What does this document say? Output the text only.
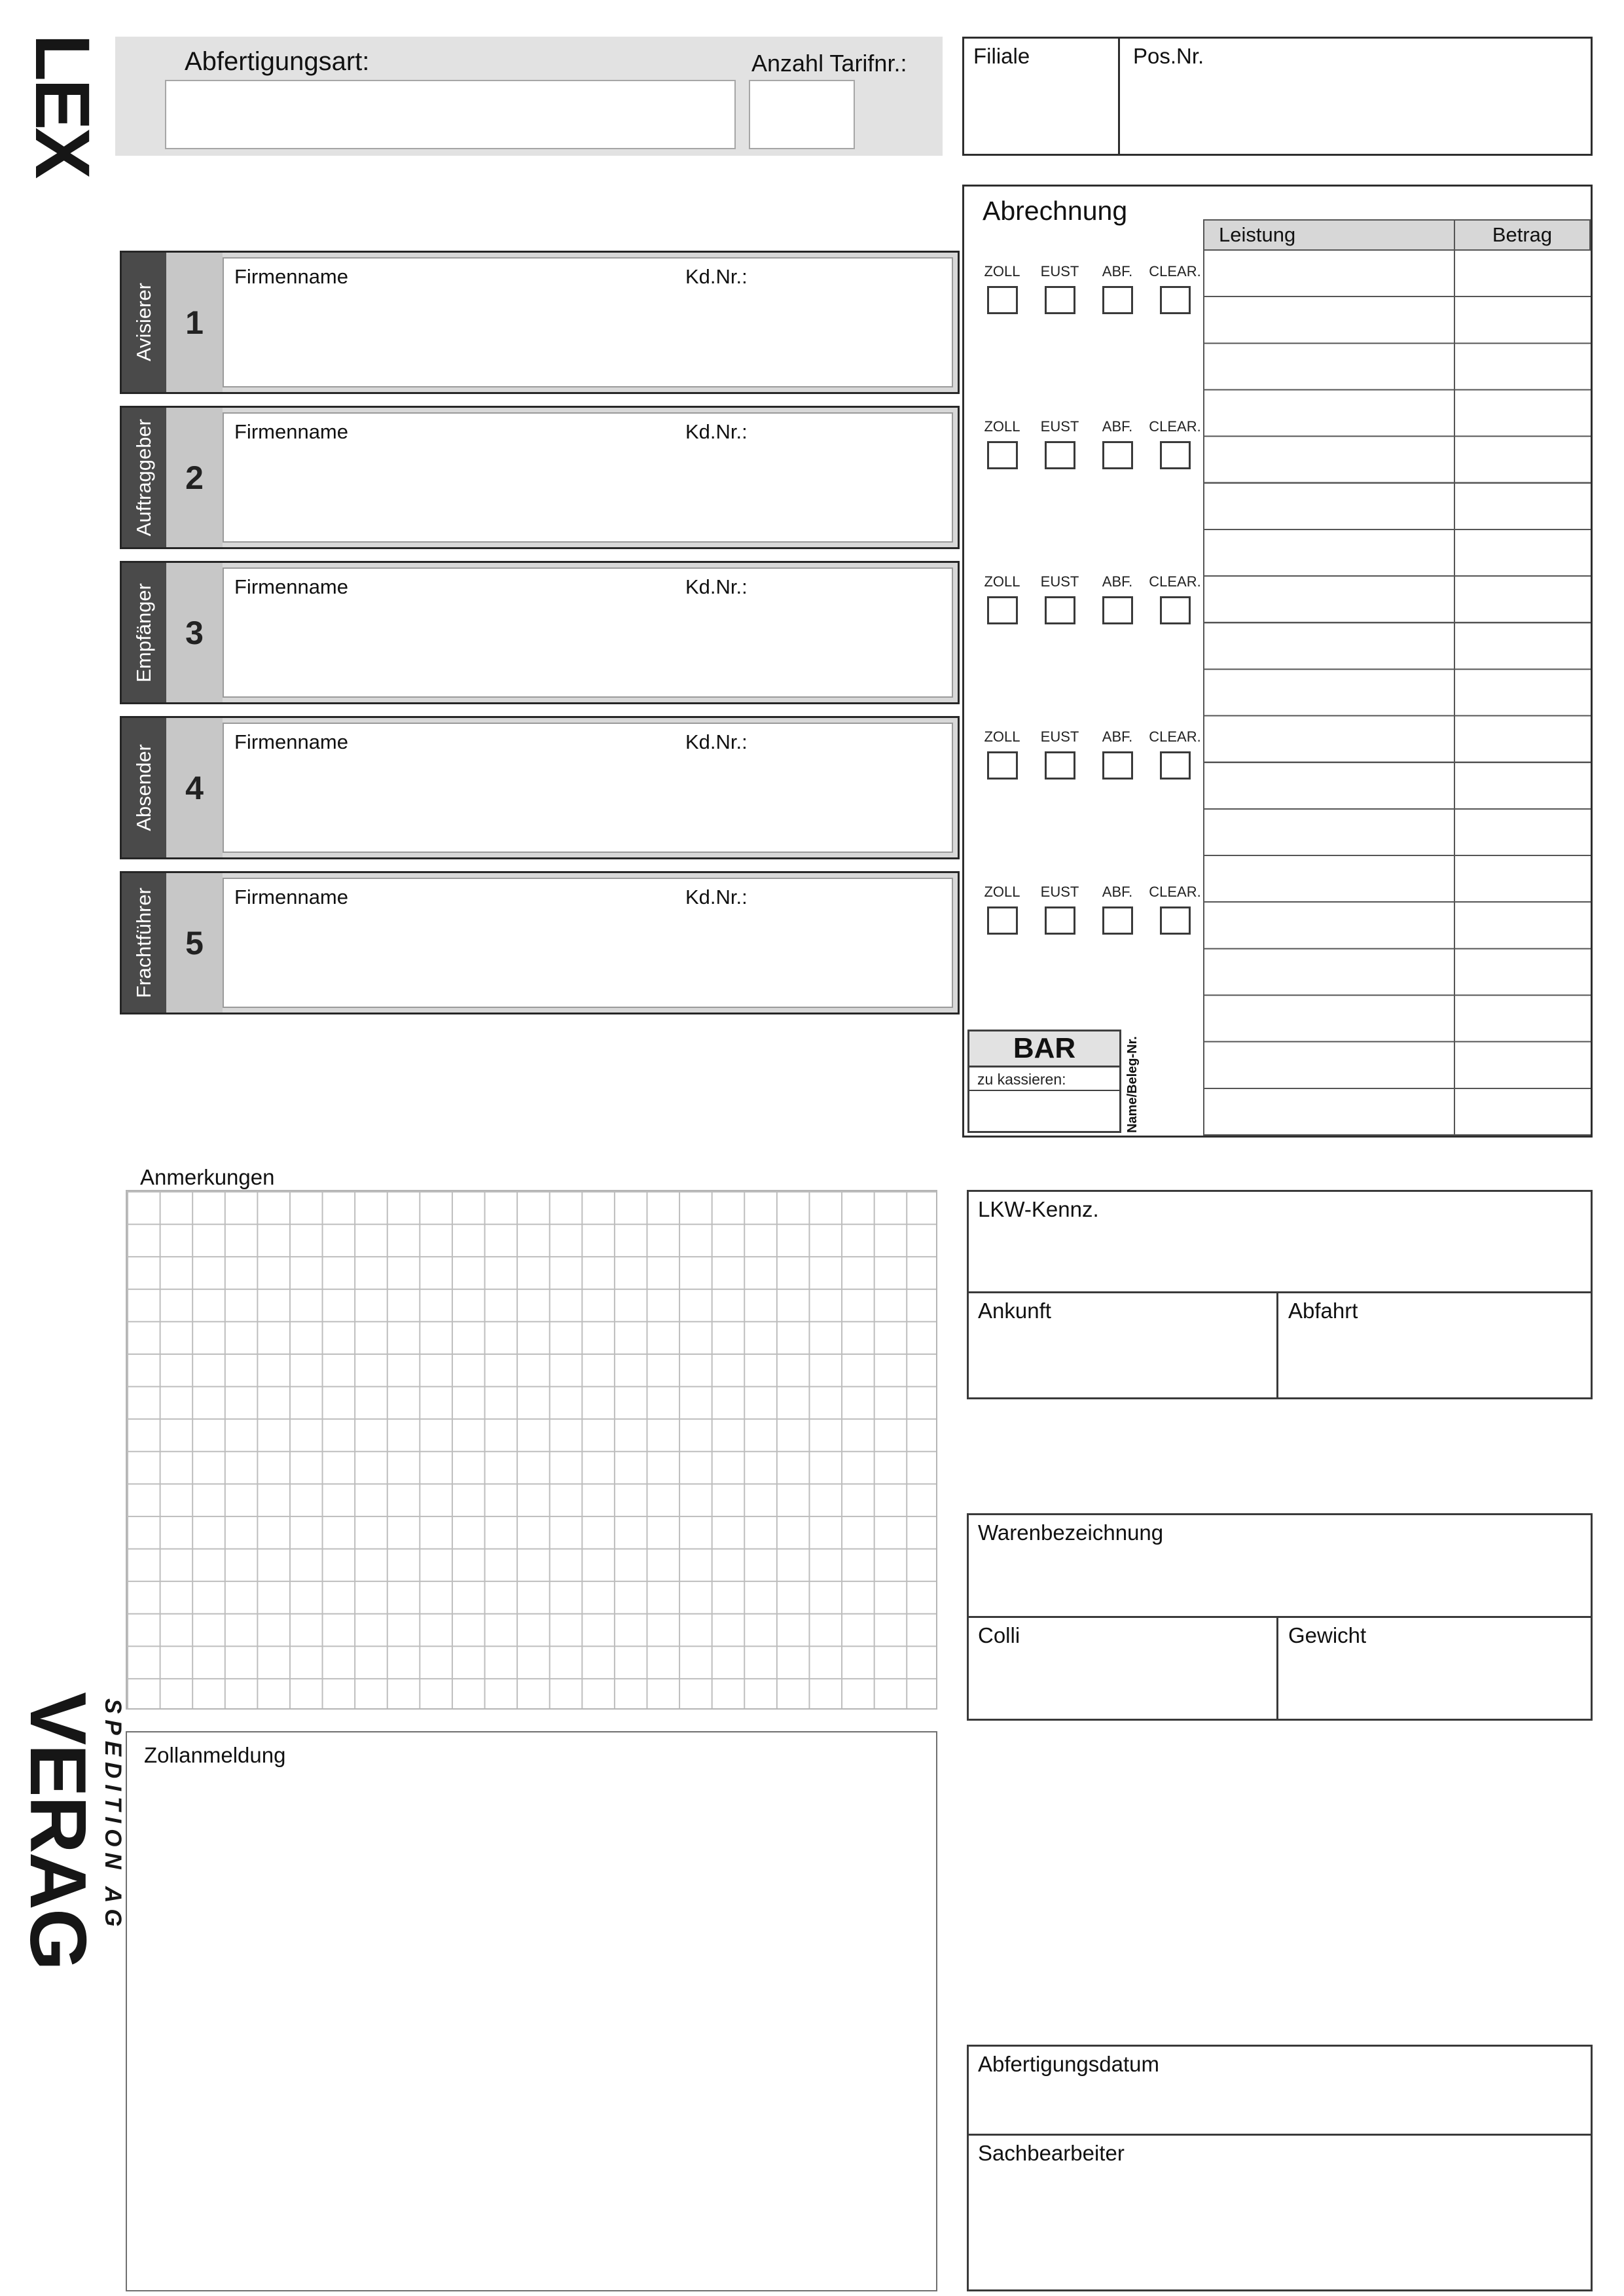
LEX	Abfertigungsart:	Anzahl Tarifnr.:	Filiale	Pos.Nr.
Abrechnung
Leistung	Betrag
ZOLL EUST ABF. CLEAR.
ZOLL EUST ABF. CLEAR.
ZOLL EUST ABF. CLEAR.
ZOLL EUST ABF. CLEAR.
ZOLL EUST ABF. CLEAR.
BAR
zu kassieren:	Name/Beleg-Nr.
Avisierer 1
Firmenname	Kd.Nr.:
Auftraggeber 2
Firmenname	Kd.Nr.:
Empfänger 3
Firmenname	Kd.Nr.:
Absender 4
Firmenname	Kd.Nr.:
Frachtführer 5
Firmenname	Kd.Nr.:
Anmerkungen
LKW-Kennz.
Ankunft	Abfahrt
Warenbezeichnung
Colli	Gewicht
Zollanmeldung
Abfertigungsdatum
Sachbearbeiter
VERAG
SPEDITION AG
